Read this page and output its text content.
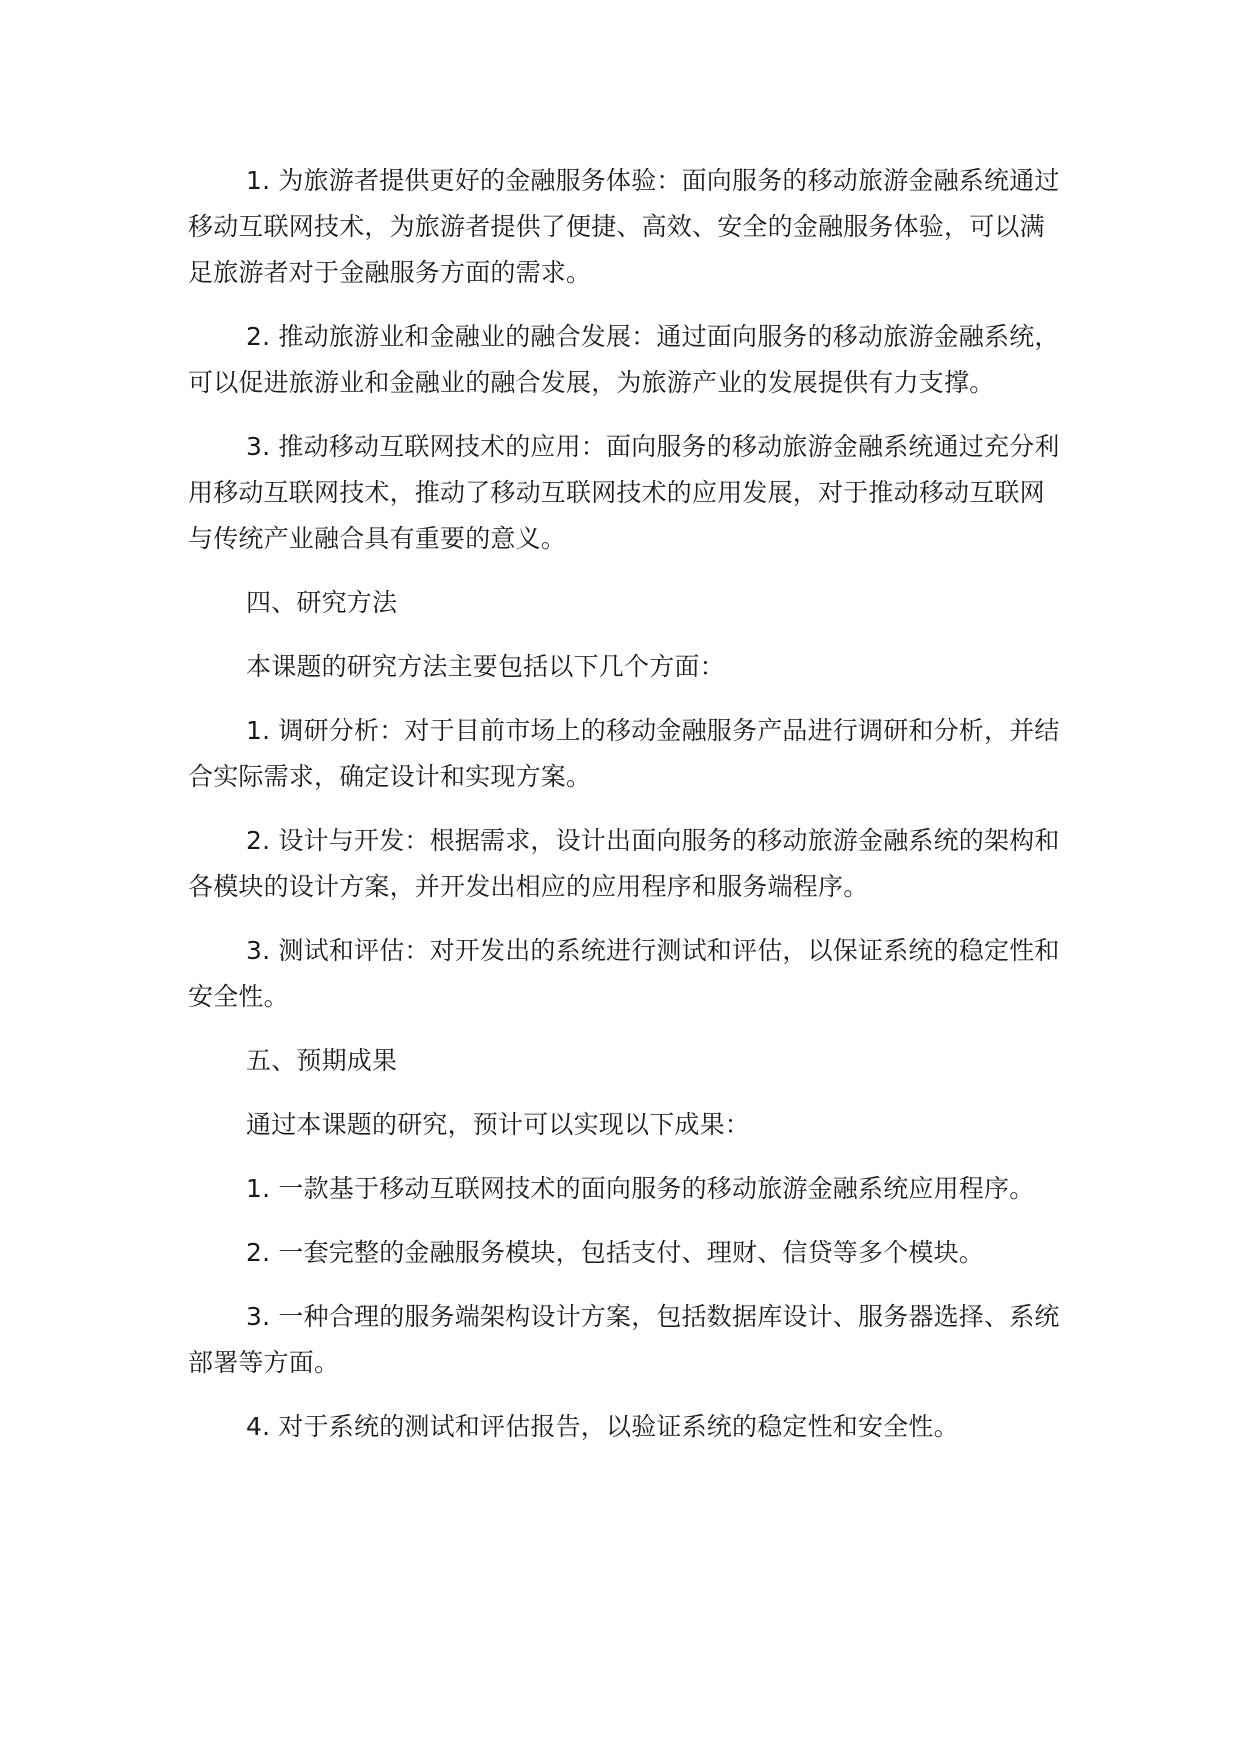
1. 为旅游者提供更好的金融服务体验：面向服务的移动旅游金融系统通过移动互联网技术，为旅游者提供了便捷、高效、安全的金融服务体验，可以满足旅游者对于金融服务方面的需求。

2. 推动旅游业和金融业的融合发展：通过面向服务的移动旅游金融系统，可以促进旅游业和金融业的融合发展，为旅游产业的发展提供有力支撑。

3. 推动移动互联网技术的应用：面向服务的移动旅游金融系统通过充分利用移动互联网技术，推动了移动互联网技术的应用发展，对于推动移动互联网与传统产业融合具有重要的意义。

四、研究方法

本课题的研究方法主要包括以下几个方面：

1. 调研分析：对于目前市场上的移动金融服务产品进行调研和分析，并结合实际需求，确定设计和实现方案。

2. 设计与开发：根据需求，设计出面向服务的移动旅游金融系统的架构和各模块的设计方案，并开发出相应的应用程序和服务端程序。

3. 测试和评估：对开发出的系统进行测试和评估，以保证系统的稳定性和安全性。

五、预期成果

通过本课题的研究，预计可以实现以下成果：

1. 一款基于移动互联网技术的面向服务的移动旅游金融系统应用程序。

2. 一套完整的金融服务模块，包括支付、理财、信贷等多个模块。

3. 一种合理的服务端架构设计方案，包括数据库设计、服务器选择、系统部署等方面。

4. 对于系统的测试和评估报告，以验证系统的稳定性和安全性。
